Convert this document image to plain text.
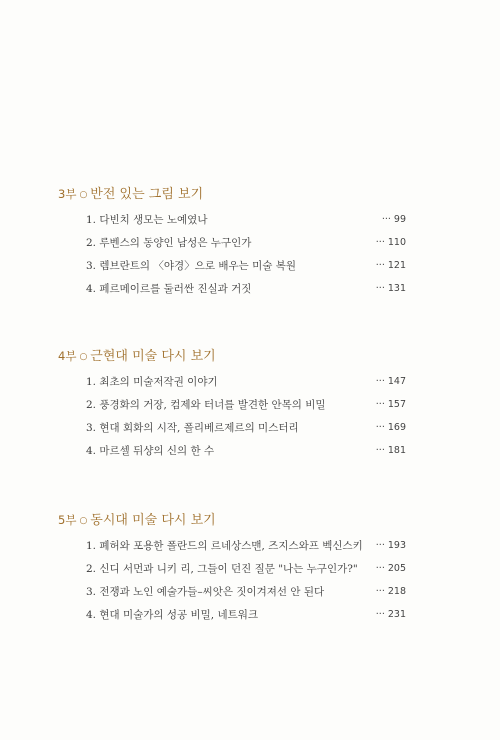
3부 ○ 반전 있는 그림 보기
1. 다빈치 생모는 노예였나	··· 99
2. 루벤스의 동양인 남성은 누구인가	··· 110
3. 렘브란트의 〈야경〉으로 배우는 미술 복원	··· 121
4. 페르메이르를 둘러싼 진실과 거짓	··· 131
4부 ○ 근현대 미술 다시 보기
1. 최초의 미술저작권 이야기	··· 147
2. 풍경화의 거장, 컴제와 터너를 발견한 안목의 비밀	··· 157
3. 현대 회화의 시작, 폴리베르제르의 미스터리	··· 169
4. 마르셀 뒤샹의 신의 한 수	··· 181
5부 ○ 동시대 미술 다시 보기
1. 폐허와 포용한 폴란드의 르네상스맨, 즈지스와프 벡신스키 ··· 193
2. 신디 서먼과 니키 리, 그들이 던진 질문 "나는 누구인가?" ··· 205
3. 전쟁과 노인 예술가들–씨앗은 짓이겨져선 안 된다	··· 218
4. 현대 미술가의 성공 비밀, 네트워크	··· 231
